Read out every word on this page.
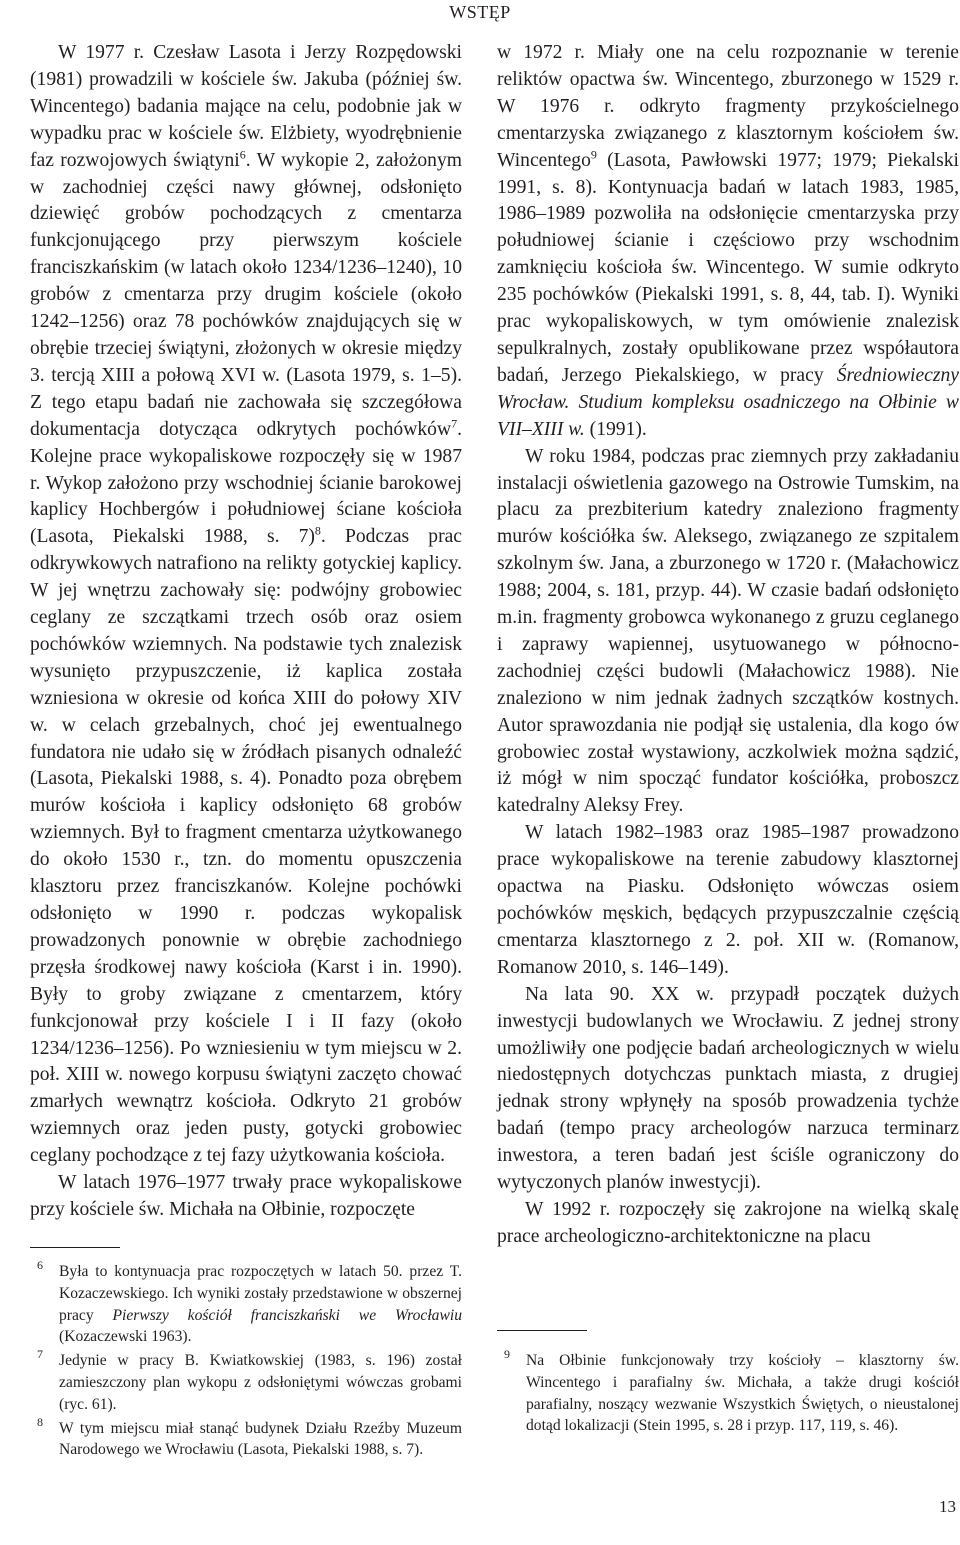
WSTĘP

W 1977 r. Czesław Lasota i Jerzy Rozpędowski (1981) prowadzili w kościele św. Jakuba (później św. Wincentego) badania mające na celu, podobnie jak w wypadku prac w kościele św. Elżbiety, wyodrębnienie faz rozwojowych świątyni$^6$. W wykopie 2, założonym w zachodniej części nawy głównej, odsłonięto dziewięć grobów pochodzących z cmentarza funkcjonującego przy pierwszym kościele franciszkańskim (w latach około 1234/1236–1240), 10 grobów z cmentarza przy drugim kościele (około 1242–1256) oraz 78 pochówków znajdujących się w obrębie trzeciej świątyni, złożonych w okresie między 3. tercją XIII a połową XVI w. (Lasota 1979, s. 1–5). Z tego etapu badań nie zachowała się szczegółowa dokumentacja dotycząca odkrytych pochówków$^7$. Kolejne prace wykopaliskowe rozpoczęły się w 1987 r. Wykop założono przy wschodniej ścianie barokowej kaplicy Hochbergów i południowej ściane kościoła (Lasota, Piekalski 1988, s. 7)$^8$. Podczas prac odkrywkowych natrafiono na relikty gotyckiej kaplicy. W jej wnętrzu zachowały się: podwójny grobowiec ceglany ze szczątkami trzech osób oraz osiem pochówków wziemnych. Na podstawie tych znalezisk wysunięto przypuszczenie, iż kaplica została wzniesiona w okresie od końca XIII do połowy XIV w. w celach grzebalnych, choć jej ewentualnego fundatora nie udało się w źródłach pisanych odnaleźć (Lasota, Piekalski 1988, s. 4). Ponadto poza obrębem murów kościoła i kaplicy odsłonięto 68 grobów wziemnych. Był to fragment cmentarza użytkowanego do około 1530 r., tzn. do momentu opuszczenia klasztoru przez franciszkanów. Kolejne pochówki odsłonięto w 1990 r. podczas wykopalisk prowadzonych ponownie w obrębie zachodniego przęsła środkowej nawy kościoła (Karst i in. 1990). Były to groby związane z cmentarzem, który funkcjonował przy kościele I i II fazy (około 1234/1236–1256). Po wzniesieniu w tym miejscu w 2. poł. XIII w. nowego korpusu świątyni zaczęto chować zmarłych wewnątrz kościoła. Odkryto 21 grobów wziemnych oraz jeden pusty, gotycki grobowiec ceglany pochodzące z tej fazy użytkowania kościoła.

W latach 1976–1977 trwały prace wykopaliskowe przy kościele św. Michała na Ołbinie, rozpoczęte

w 1972 r. Miały one na celu rozpoznanie w terenie reliktów opactwa św. Wincentego, zburzonego w 1529 r. W 1976 r. odkryto fragmenty przykościelnego cmentarzyska związanego z klasztornym kościołem św. Wincentego$^9$ (Lasota, Pawłowski 1977; 1979; Piekalski 1991, s. 8). Kontynuacja badań w latach 1983, 1985, 1986–1989 pozwoliła na odsłonięcie cmentarzyska przy południowej ścianie i częściowo przy wschodnim zamknięciu kościoła św. Wincentego. W sumie odkryto 235 pochówków (Piekalski 1991, s. 8, 44, tab. I). Wyniki prac wykopaliskowych, w tym omówienie znalezisk sepulkralnych, zostały opublikowane przez współautora badań, Jerzego Piekalskiego, w pracy Średniowieczny Wrocław. Studium kompleksu osadniczego na Ołbinie w VII–XIII w. (1991).

W roku 1984, podczas prac ziemnych przy zakładaniu instalacji oświetlenia gazowego na Ostrowie Tumskim, na placu za prezbiterium katedry znaleziono fragmenty murów kościółka św. Aleksego, związanego ze szpitalem szkolnym św. Jana, a zburzonego w 1720 r. (Małachowicz 1988; 2004, s. 181, przyp. 44). W czasie badań odsłonięto m.in. fragmenty grobowca wykonanego z gruzu ceglanego i zaprawy wapiennej, usytuowanego w północno-zachodniej części budowli (Małachowicz 1988). Nie znaleziono w nim jednak żadnych szczątków kostnych. Autor sprawozdania nie podjął się ustalenia, dla kogo ów grobowiec został wystawiony, aczkolwiek można sądzić, iż mógł w nim spocząć fundator kościółka, proboszcz katedralny Aleksy Frey.

W latach 1982–1983 oraz 1985–1987 prowadzono prace wykopaliskowe na terenie zabudowy klasztornej opactwa na Piasku. Odsłonięto wówczas osiem pochówków męskich, będących przypuszczalnie częścią cmentarza klasztornego z 2. poł. XII w. (Romanow, Romanow 2010, s. 146–149).

Na lata 90. XX w. przypadł początek dużych inwestycji budowlanych we Wrocławiu. Z jednej strony umożliwiły one podjęcie badań archeologicznych w wielu niedostępnych dotychczas punktach miasta, z drugiej jednak strony wpłynęły na sposób prowadzenia tychże badań (tempo pracy archeologów narzuca terminarz inwestora, a teren badań jest ściśle ograniczony do wytyczonych planów inwestycji).

W 1992 r. rozpoczęły się zakrojone na wielką skalę prace archeologiczno-architektoniczne na placu

6 Była to kontynuacja prac rozpoczętych w latach 50. przez T. Kozaczewskiego. Ich wyniki zostały przedstawione w obszernej pracy Pierwszy kościół franciszkański we Wrocławiu (Kozaczewski 1963).
7 Jedynie w pracy B. Kwiatkowskiej (1983, s. 196) został zamieszczony plan wykopu z odsłoniętymi wówczas grobami (ryc. 61).
8 W tym miejscu miał stanąć budynek Działu Rzeźby Muzeum Narodowego we Wrocławiu (Lasota, Piekalski 1988, s. 7).
9 Na Ołbinie funkcjonowały trzy kościoły – klasztorny św. Wincentego i parafialny św. Michała, a także drugi kościół parafialny, noszący wezwanie Wszystkich Świętych, o nieustalonej dotąd lokalizacji (Stein 1995, s. 28 i przyp. 117, 119, s. 46).
13
